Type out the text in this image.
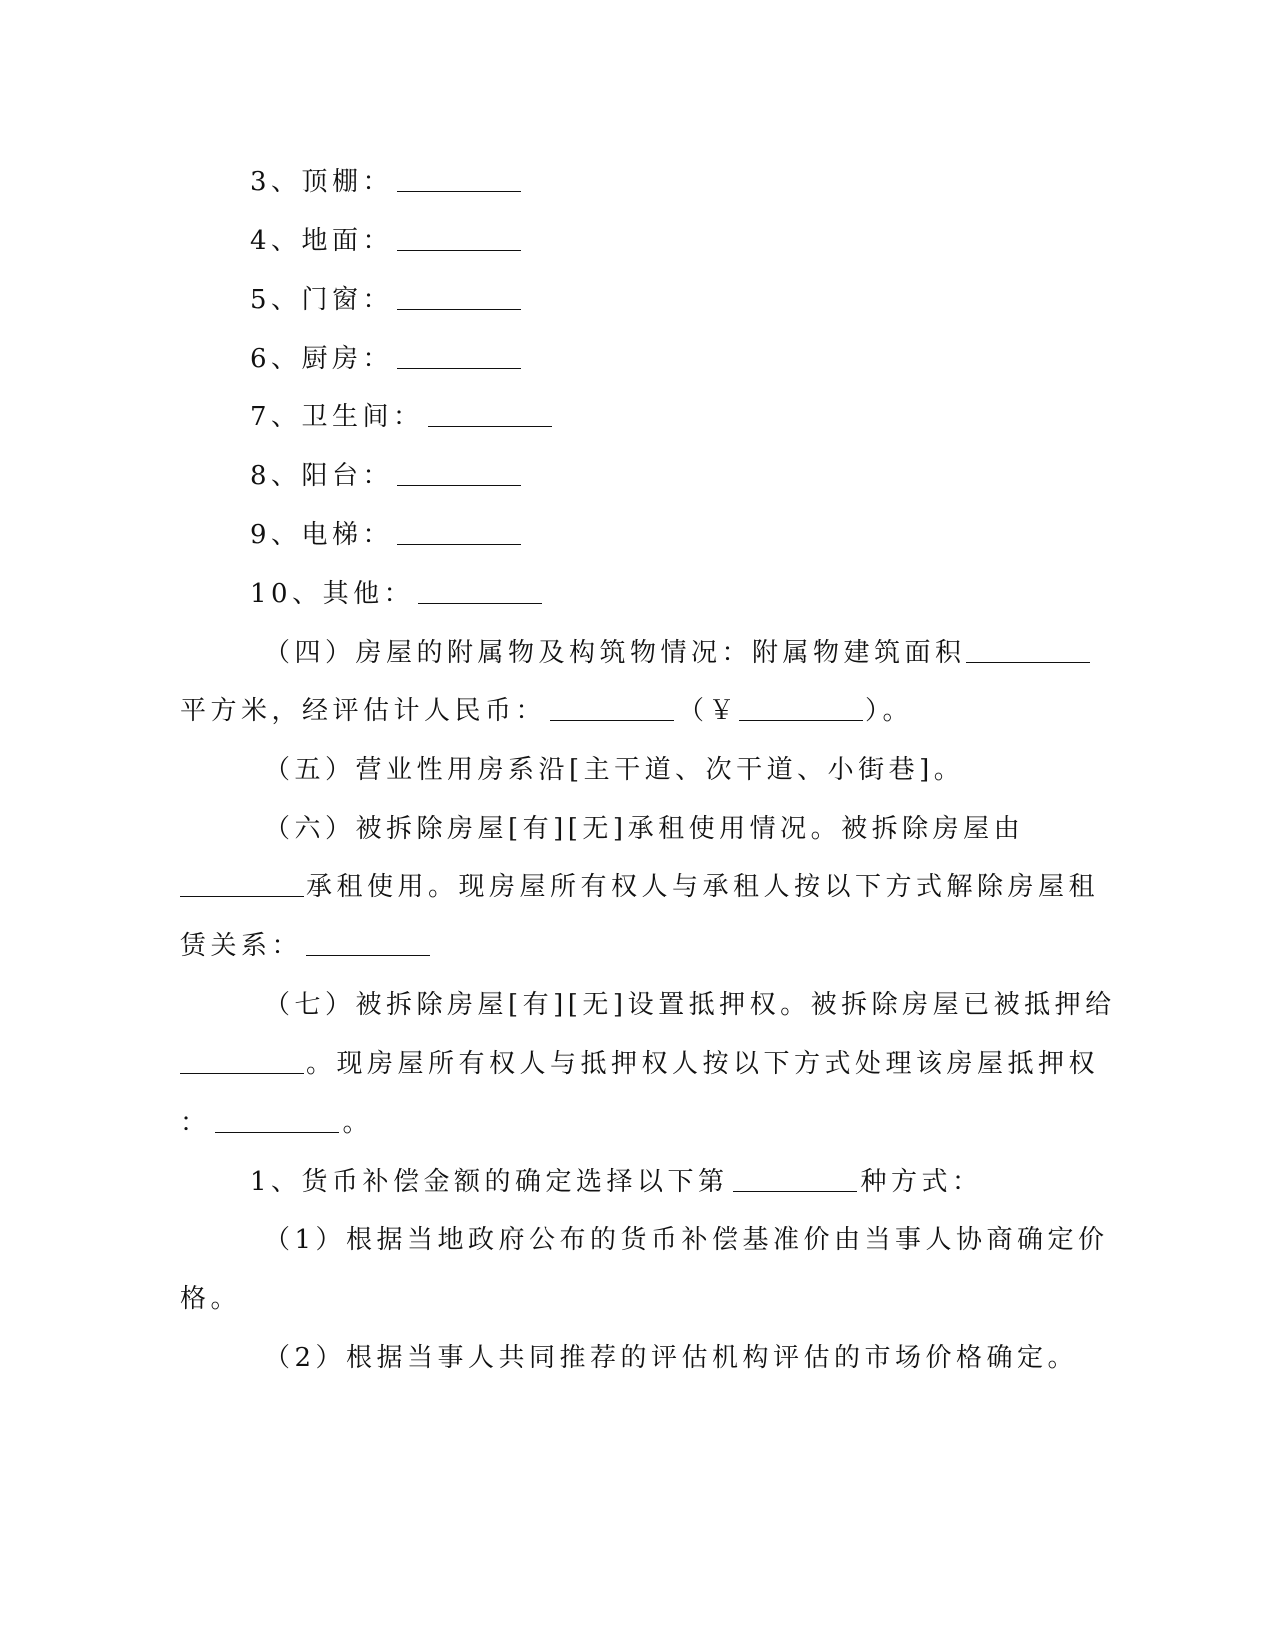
3、顶棚：
4、地面：
5、门窗：
6、厨房：
7、卫生间：
8、阳台：
9、电梯：
10、其他：
（四）房屋的附属物及构筑物情况：附属物建筑面积
平方米，经评估计人民币：	（￥	）。
（五）营业性用房系沿[主干道、次干道、小街巷]。
（六）被拆除房屋[有][无]承租使用情况。被拆除房屋由
承租使用。现房屋所有权人与承租人按以下方式解除房屋租
赁关系：
（七）被拆除房屋[有][无]设置抵押权。被拆除房屋已被抵押给
。现房屋所有权人与抵押权人按以下方式处理该房屋抵押权
：	。
1、货币补偿金额的确定选择以下第	种方式：
（1）根据当地政府公布的货币补偿基准价由当事人协商确定价
格。
（2）根据当事人共同推荐的评估机构评估的市场价格确定。
